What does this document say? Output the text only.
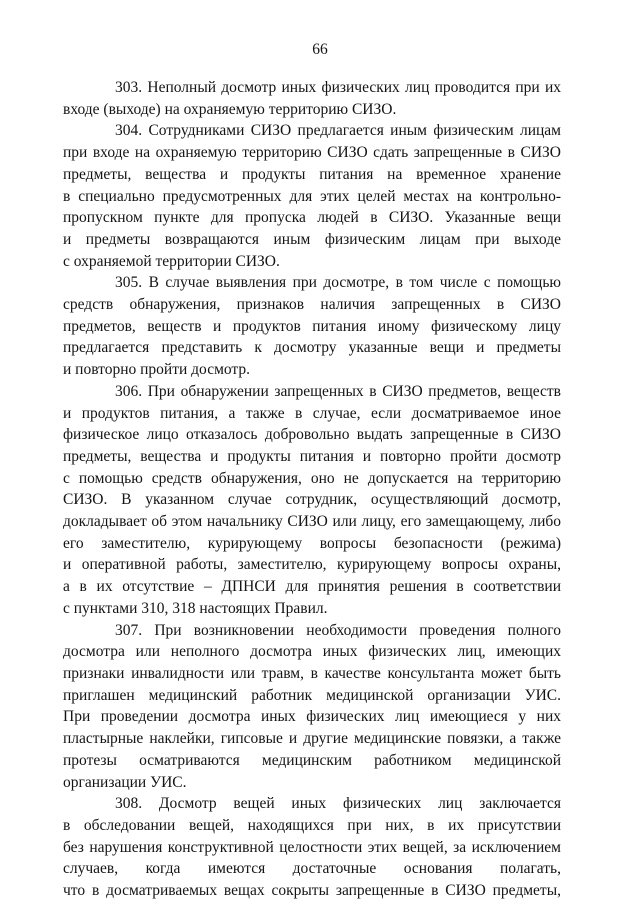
66

303. Неполный досмотр иных физических лиц проводится при их
входе (выходе) на охраняемую территорию СИЗО.

304. Сотрудниками СИЗО предлагается иным физическим лицам
при входе на охраняемую территорию СИЗО сдать запрещенные в СИЗО
предметы, вещества и продукты питания на временное хранение
в специально предусмотренных для этих целей местах на контрольно-
пропускном пункте для пропуска людей в СИЗО. Указанные вещи
и предметы возвращаются иным физическим лицам при выходе
с охраняемой территории СИЗО.

305. В случае выявления при досмотре, в том числе с помощью
средств обнаружения, признаков наличия запрещенных в СИЗО
предметов, веществ и продуктов питания иному физическому лицу
предлагается представить к досмотру указанные вещи и предметы
и повторно пройти досмотр.

306. При обнаружении запрещенных в СИЗО предметов, веществ
и продуктов питания, а также в случае, если досматриваемое иное
физическое лицо отказалось добровольно выдать запрещенные в СИЗО
предметы, вещества и продукты питания и повторно пройти досмотр
с помощью средств обнаружения, оно не допускается на территорию
СИЗО. В указанном случае сотрудник, осуществляющий досмотр,
докладывает об этом начальнику СИЗО или лицу, его замещающему, либо
его заместителю, курирующему вопросы безопасности (режима)
и оперативной работы, заместителю, курирующему вопросы охраны,
а в их отсутствие – ДПНСИ для принятия решения в соответствии
с пунктами 310, 318 настоящих Правил.

307. При возникновении необходимости проведения полного
досмотра или неполного досмотра иных физических лиц, имеющих
признаки инвалидности или травм, в качестве консультанта может быть
приглашен медицинский работник медицинской организации УИС.
При проведении досмотра иных физических лиц имеющиеся у них
пластырные наклейки, гипсовые и другие медицинские повязки, а также
протезы осматриваются медицинским работником медицинской
организации УИС.

308. Досмотр вещей иных физических лиц заключается
в обследовании вещей, находящихся при них, в их присутствии
без нарушения конструктивной целостности этих вещей, за исключением
случаев, когда имеются достаточные основания полагать,
что в досматриваемых вещах сокрыты запрещенные в СИЗО предметы,
